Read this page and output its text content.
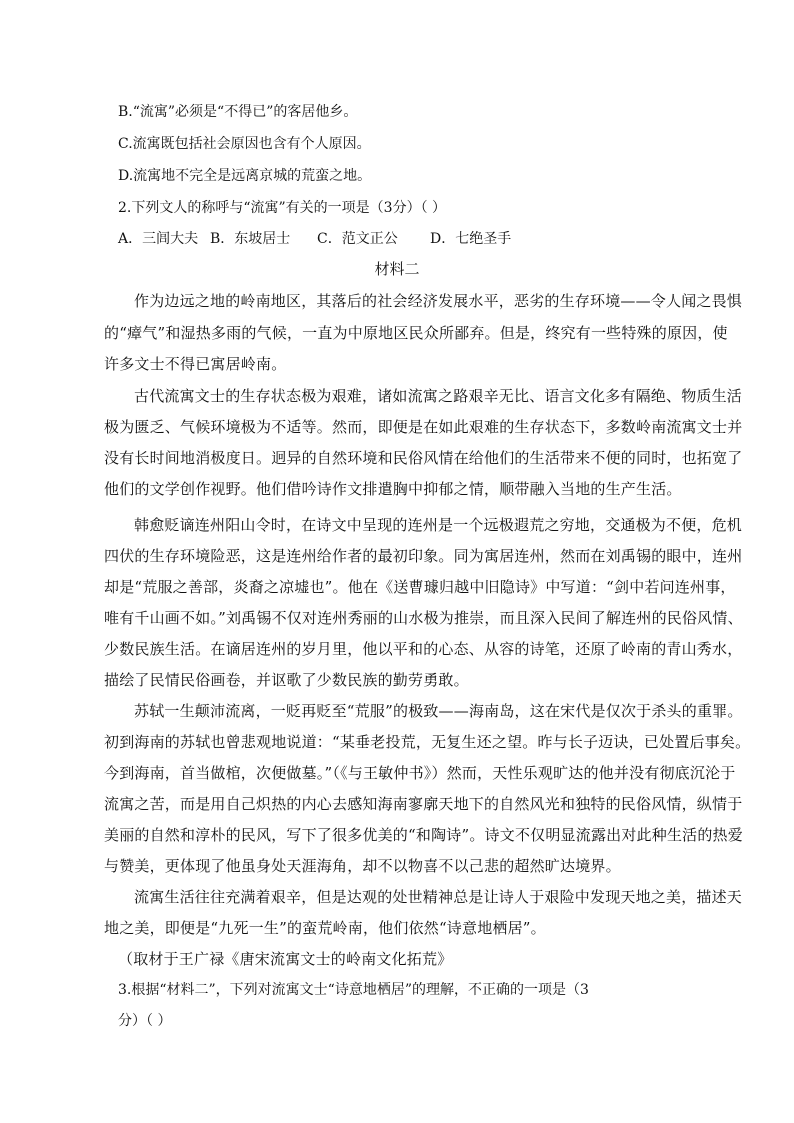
B.“流寓”必须是“不得已”的客居他乡。
C.流寓既包括社会原因也含有个人原因。
D.流寓地不完全是远离京城的荒蛮之地。
2.下列文人的称呼与“流寓”有关的一项是（3分）（ ）
A．三闾大夫 B．东坡居士 C．范文正公 D．七绝圣手
材料二
作为边远之地的岭南地区，其落后的社会经济发展水平，恶劣的生存环境——令人闻之畏惧
的“瘴气”和湿热多雨的气候，一直为中原地区民众所鄙弃。但是，终究有一些特殊的原因，使
许多文士不得已寓居岭南。
古代流寓文士的生存状态极为艰难，诸如流寓之路艰辛无比、语言文化多有隔绝、物质生活
极为匮乏、气候环境极为不适等。然而，即便是在如此艰难的生存状态下，多数岭南流寓文士并
没有长时间地消极度日。迥异的自然环境和民俗风情在给他们的生活带来不便的同时，也拓宽了
他们的文学创作视野。他们借吟诗作文排遣胸中抑郁之情，顺带融入当地的生产生活。
韩愈贬谪连州阳山令时，在诗文中呈现的连州是一个远极遐荒之穷地，交通极为不便，危机
四伏的生存环境险恶，这是连州给作者的最初印象。同为寓居连州，然而在刘禹锡的眼中，连州
却是“荒服之善部，炎裔之凉墟也”。他在《送曹璩归越中旧隐诗》中写道：“剑中若问连州事，
唯有千山画不如。”刘禹锡不仅对连州秀丽的山水极为推崇，而且深入民间了解连州的民俗风情、
少数民族生活。在谪居连州的岁月里，他以平和的心态、从容的诗笔，还原了岭南的青山秀水，
描绘了民情民俗画卷，并讴歌了少数民族的勤劳勇敢。
苏轼一生颠沛流离，一贬再贬至“荒服”的极致——海南岛，这在宋代是仅次于杀头的重罪。
初到海南的苏轼也曾悲观地说道：“某垂老投荒，无复生还之望。昨与长子迈诀，已处置后事矣。
今到海南，首当做棺，次便做墓。”（《与王敏仲书》）然而，天性乐观旷达的他并没有彻底沉沦于
流寓之苦，而是用自己炽热的内心去感知海南寥廓天地下的自然风光和独特的民俗风情，纵情于
美丽的自然和淳朴的民风，写下了很多优美的“和陶诗”。诗文不仅明显流露出对此种生活的热爱
与赞美，更体现了他虽身处天涯海角，却不以物喜不以己悲的超然旷达境界。
流寓生活往往充满着艰辛，但是达观的处世精神总是让诗人于艰险中发现天地之美，描述天
地之美，即便是“九死一生”的蛮荒岭南，他们依然“诗意地栖居”。
（取材于王广禄《唐宋流寓文士的岭南文化拓荒》
3.根据“材料二”，下列对流寓文士“诗意地栖居”的理解，不正确的一项是（3
分）（ ）
